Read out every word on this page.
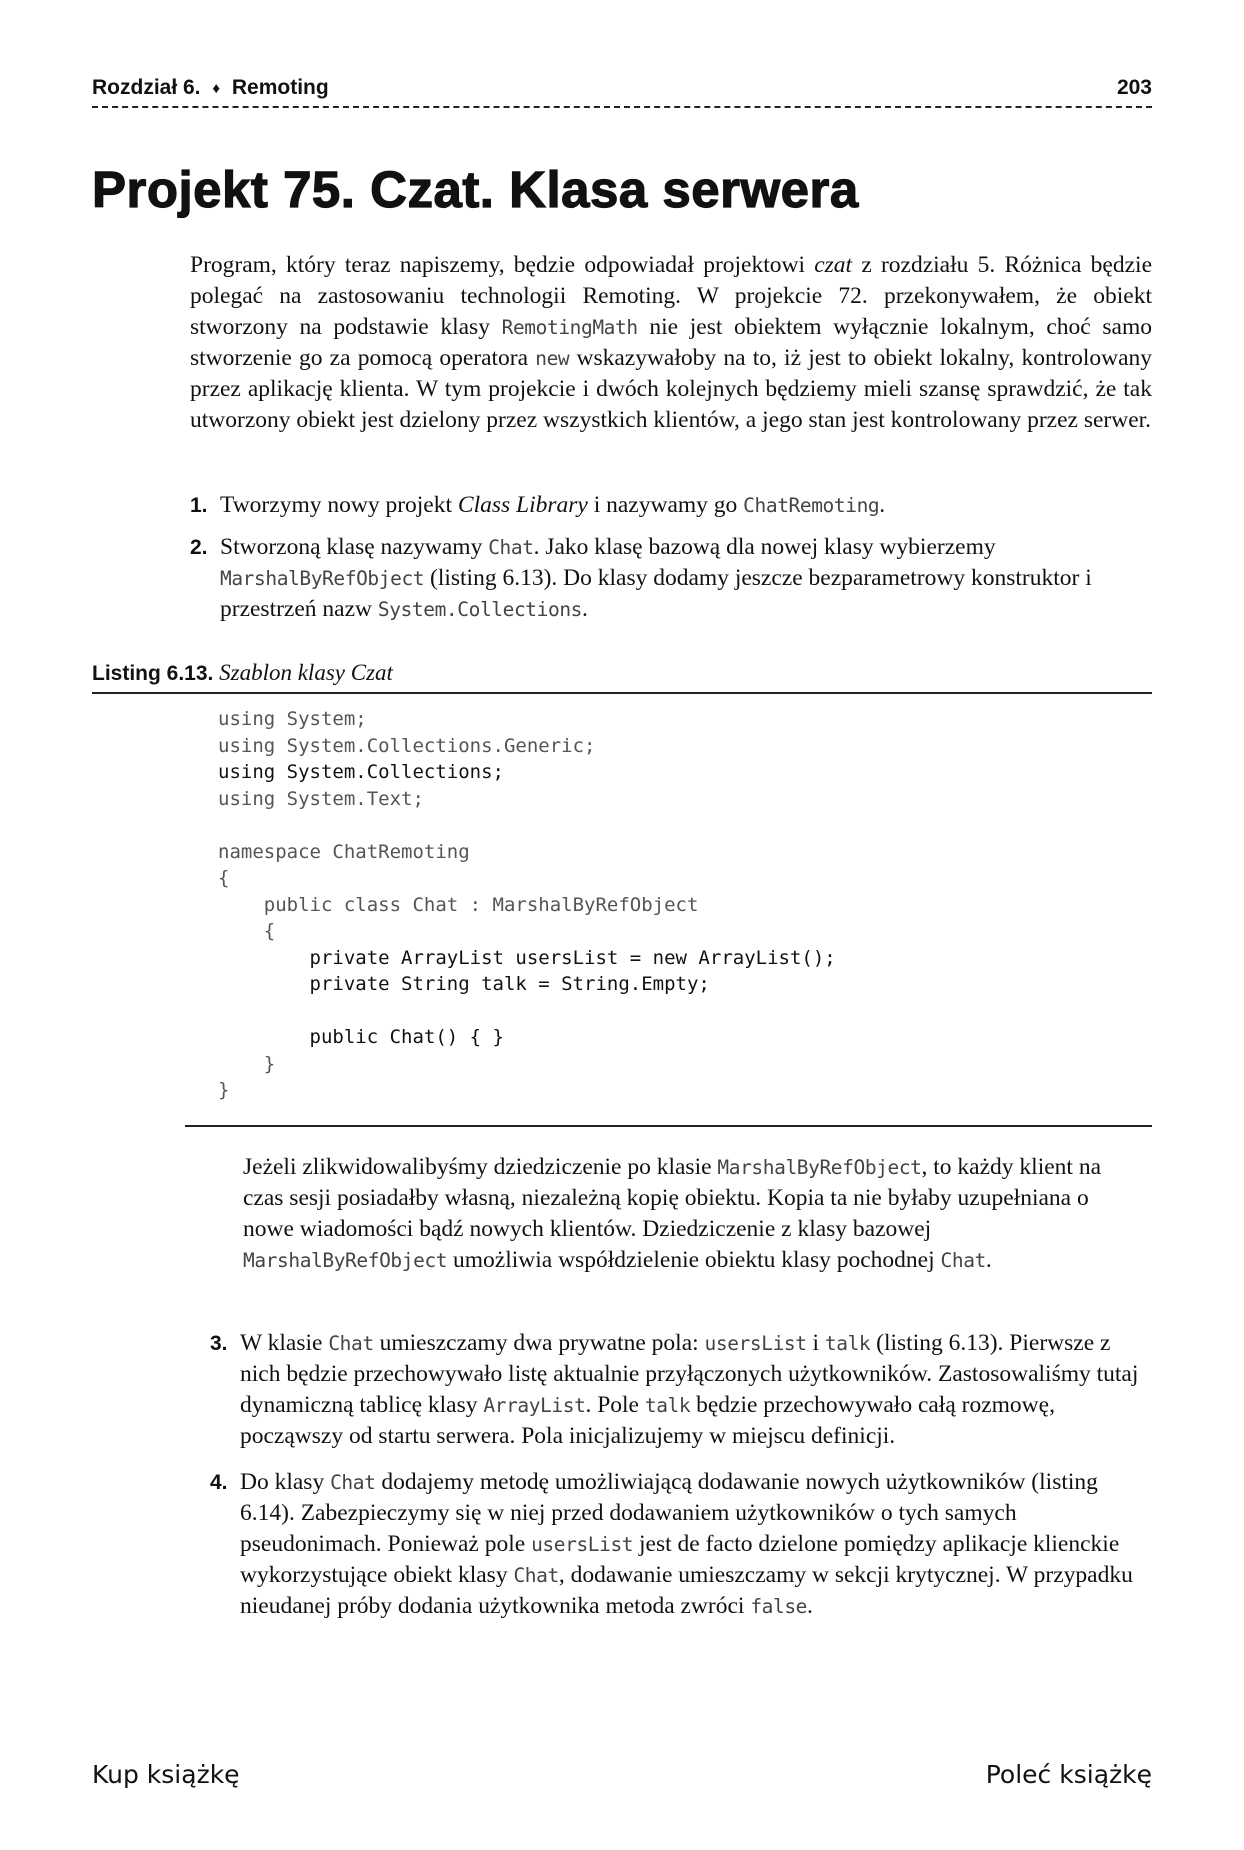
Rozdział 6. ♦ Remoting	203
Projekt 75. Czat. Klasa serwera
Program, który teraz napiszemy, będzie odpowiadał projektowi czat z rozdziału 5. Różnica będzie polegać na zastosowaniu technologii Remoting. W projekcie 72. przekonywałem, że obiekt stworzony na podstawie klasy RemotingMath nie jest obiektem wyłącznie lokalnym, choć samo stworzenie go za pomocą operatora new wskazywałoby na to, iż jest to obiekt lokalny, kontrolowany przez aplikację klienta. W tym projekcie i dwóch kolejnych będziemy mieli szansę sprawdzić, że tak utworzony obiekt jest dzielony przez wszystkich klientów, a jego stan jest kontrolowany przez serwer.
1. Tworzymy nowy projekt Class Library i nazywamy go ChatRemoting.
2. Stworzoną klasę nazywamy Chat. Jako klasę bazową dla nowej klasy wybierzemy MarshalByRefObject (listing 6.13). Do klasy dodamy jeszcze bezparametrowy konstruktor i przestrzeń nazw System.Collections.
Listing 6.13. Szablon klasy Czat
using System;
using System.Collections.Generic;
using System.Collections;
using System.Text;

namespace ChatRemoting
{
public class Chat : MarshalByRefObject
{
private ArrayList usersList = new ArrayList();
private String talk = String.Empty;

public Chat() { }
}
}
Jeżeli zlikwidowalibyśmy dziedziczenie po klasie MarshalByRefObject, to każdy klient na czas sesji posiadałby własną, niezależną kopię obiektu. Kopia ta nie byłaby uzupełniana o nowe wiadomości bądź nowych klientów. Dziedziczenie z klasy bazowej MarshalByRefObject umożliwia współdzielenie obiektu klasy pochodnej Chat.
3. W klasie Chat umieszczamy dwa prywatne pola: usersList i talk (listing 6.13). Pierwsze z nich będzie przechowywało listę aktualnie przyłączonych użytkowników. Zastosowaliśmy tutaj dynamiczną tablicę klasy ArrayList. Pole talk będzie przechowywało całą rozmowę, począwszy od startu serwera. Pola inicjalizujemy w miejscu definicji.
4. Do klasy Chat dodajemy metodę umożliwiającą dodawanie nowych użytkowników (listing 6.14). Zabezpieczymy się w niej przed dodawaniem użytkowników o tych samych pseudonimach. Ponieważ pole usersList jest de facto dzielone pomiędzy aplikacje klienckie wykorzystujące obiekt klasy Chat, dodawanie umieszczamy w sekcji krytycznej. W przypadku nieudanej próby dodania użytkownika metoda zwróci false.
Kup książkę	Poleć książkę
